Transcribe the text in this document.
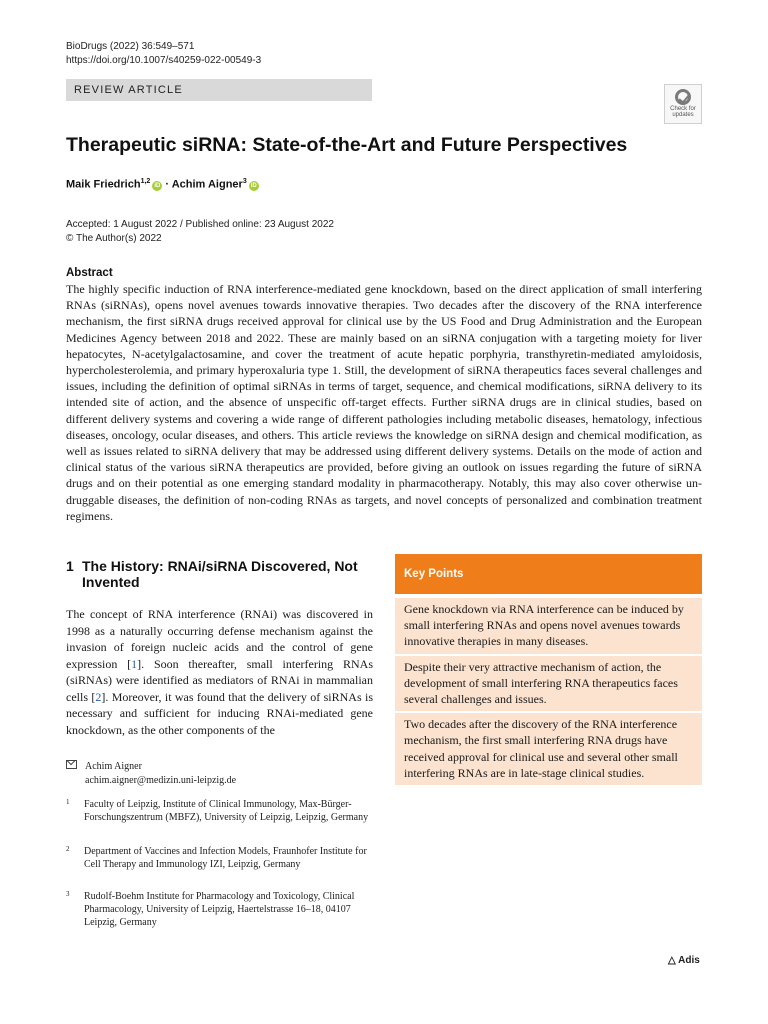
BioDrugs (2022) 36:549–571
https://doi.org/10.1007/s40259-022-00549-3
REVIEW ARTICLE
Check for
updates
Therapeutic siRNA: State-of-the-Art and Future Perspectives
Maik Friedrich$^{1,2}$iD · Achim Aigner$^3$iD
Accepted: 1 August 2022 / Published online: 23 August 2022
© The Author(s) 2022
Abstract
The highly specific induction of RNA interference-mediated gene knockdown, based on the direct application of small interfering RNAs (siRNAs), opens novel avenues towards innovative therapies. Two decades after the discovery of the RNA interference mechanism, the first siRNA drugs received approval for clinical use by the US Food and Drug Administration and the European Medicines Agency between 2018 and 2022. These are mainly based on an siRNA conjugation with a targeting moiety for liver hepatocytes, N-acetylgalactosamine, and cover the treatment of acute hepatic porphyria, transthyretin-mediated amyloidosis, hypercholesterolemia, and primary hyperoxaluria type 1. Still, the development of siRNA therapeutics faces several challenges and issues, including the definition of optimal siRNAs in terms of target, sequence, and chemical modifications, siRNA delivery to its intended site of action, and the absence of unspecific off-target effects. Further siRNA drugs are in clinical studies, based on different delivery systems and covering a wide range of different pathologies including metabolic diseases, hematology, infectious diseases, oncology, ocular diseases, and others. This article reviews the knowledge on siRNA design and chemical modification, as well as issues related to siRNA delivery that may be addressed using different delivery systems. Details on the mode of action and clinical status of the various siRNA therapeutics are provided, before giving an outlook on issues regarding the future of siRNA drugs and on their potential as one emerging standard modality in pharmacotherapy. Notably, this may also cover otherwise un-druggable diseases, the definition of non-coding RNAs as targets, and novel concepts of personalized and combination treatment regimens.
1 The History: RNAi/siRNA Discovered, Not
Invented
The concept of RNA interference (RNAi) was discovered in 1998 as a naturally occurring defense mechanism against the invasion of foreign nucleic acids and the control of gene expression [1]. Soon thereafter, small interfering RNAs (siRNAs) were identified as mediators of RNAi in mammalian cells [2]. Moreover, it was found that the delivery of siRNAs is necessary and sufficient for inducing RNAi-mediated gene knockdown, as the other components of the
Achim Aigner
achim.aigner@medizin.uni-leipzig.de
1 Faculty of Leipzig, Institute of Clinical Immunology, Max-Bürger-Forschungszentrum (MBFZ), University of Leipzig, Leipzig, Germany
2 Department of Vaccines and Infection Models, Fraunhofer Institute for Cell Therapy and Immunology IZI, Leipzig, Germany
3 Rudolf-Boehm Institute for Pharmacology and Toxicology, Clinical Pharmacology, University of Leipzig, Haertelstrasse 16–18, 04107 Leipzig, Germany
Key Points
Gene knockdown via RNA interference can be induced by small interfering RNAs and opens novel avenues towards innovative therapies in many diseases.
Despite their very attractive mechanism of action, the development of small interfering RNA therapeutics faces several challenges and issues.
Two decades after the discovery of the RNA interference mechanism, the first small interfering RNA drugs have received approval for clinical use and several other small interfering RNAs are in late-stage clinical studies.
△ Adis
